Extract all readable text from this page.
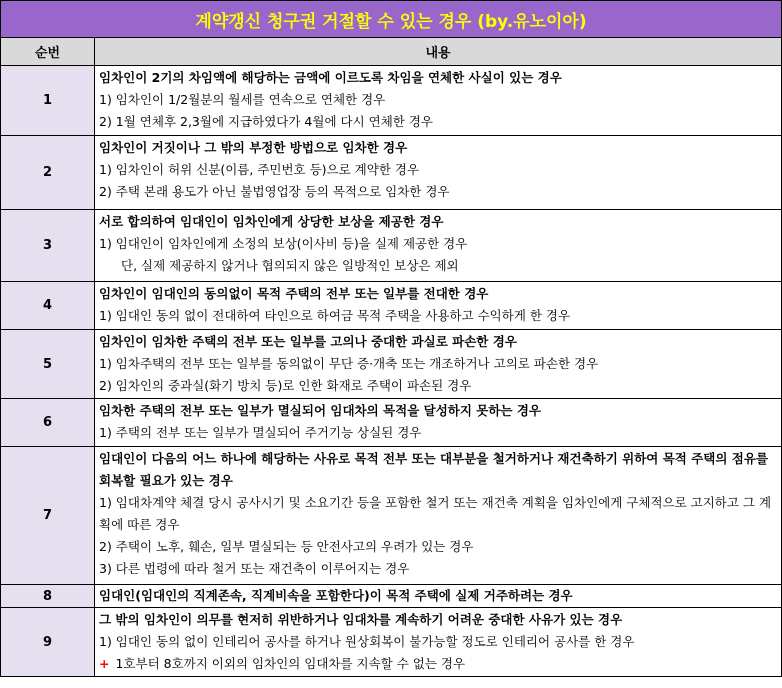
계약갱신 청구권 거절할 수 있는 경우 (by.유노이아)	
순번	내용
1	임차인이 2기의 차임액에 해당하는 금액에 이르도록 차임을 연체한 사실이 있는 경우
1) 임차인이 1/2월분의 월세를 연속으로 연체한 경우
2) 1월 연체후 2,3월에 지급하였다가 4월에 다시 연체한 경우

2	임차인이 거짓이나 그 밖의 부정한 방법으로 임차한 경우
1) 임차인이 허위 신분(이름, 주민번호 등)으로 계약한 경우
2) 주택 본래 용도가 아닌 불법영업장 등의 목적으로 임차한 경우

3	서로 합의하여 임대인이 임차인에게 상당한 보상을 제공한 경우
1) 임대인이 임차인에게 소정의 보상(이사비 등)을 실제 제공한 경우
단, 실제 제공하지 않거나 협의되지 않은 일방적인 보상은 제외

4	임차인이 임대인의 동의없이 목적 주택의 전부 또는 일부를 전대한 경우
1) 임대인 동의 없이 전대하여 타인으로 하여금 목적 주택을 사용하고 수익하게 한 경우

5	임차인이 임차한 주택의 전부 또는 일부를 고의나 중대한 과실로 파손한 경우
1) 임차주택의 전부 또는 일부를 동의없이 무단 증·개축 또는 개조하거나 고의로 파손한 경우
2) 임차인의 중과실(화기 방치 등)로 인한 화재로 주택이 파손된 경우

6	임차한 주택의 전부 또는 일부가 멸실되어 임대차의 목적을 달성하지 못하는 경우
1) 주택의 전부 또는 일부가 멸실되어 주거기능 상실된 경우

7	임대인이 다음의 어느 하나에 해당하는 사유로 목적 전부 또는 대부분을 철거하거나 재건축하기 위하여 목적 주택의 점유를 회복할 필요가 있는 경우
1) 임대차계약 체결 당시 공사시기 및 소요기간 등을 포함한 철거 또는 재건축 계획을 임차인에게 구체적으로 고지하고 그 계획에 따른 경우
2) 주택이 노후, 훼손, 일부 멸실되는 등 안전사고의 우려가 있는 경우
3) 다른 법령에 따라 철거 또는 재건축이 이루어지는 경우

8	임대인(임대인의 직계존속, 직계비속을 포함한다)이 목적 주택에 실제 거주하려는 경우

9	그 밖의 임차인이 의무를 현저히 위반하거나 임대차를 계속하기 어려운 중대한 사유가 있는 경우
1) 임대인 동의 없이 인테리어 공사를 하거나 원상회복이 불가능할 정도로 인테리어 공사를 한 경우
+ 1호부터 8호까지 이외의 임차인의 임대차를 지속할 수 없는 경우
